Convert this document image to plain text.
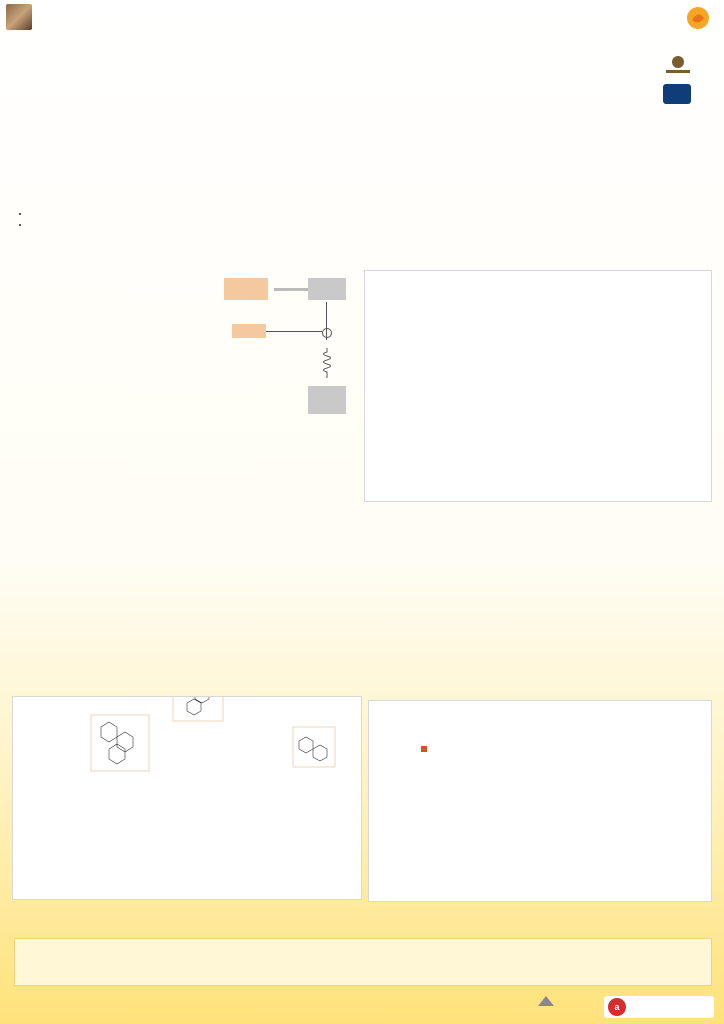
•
•

a
